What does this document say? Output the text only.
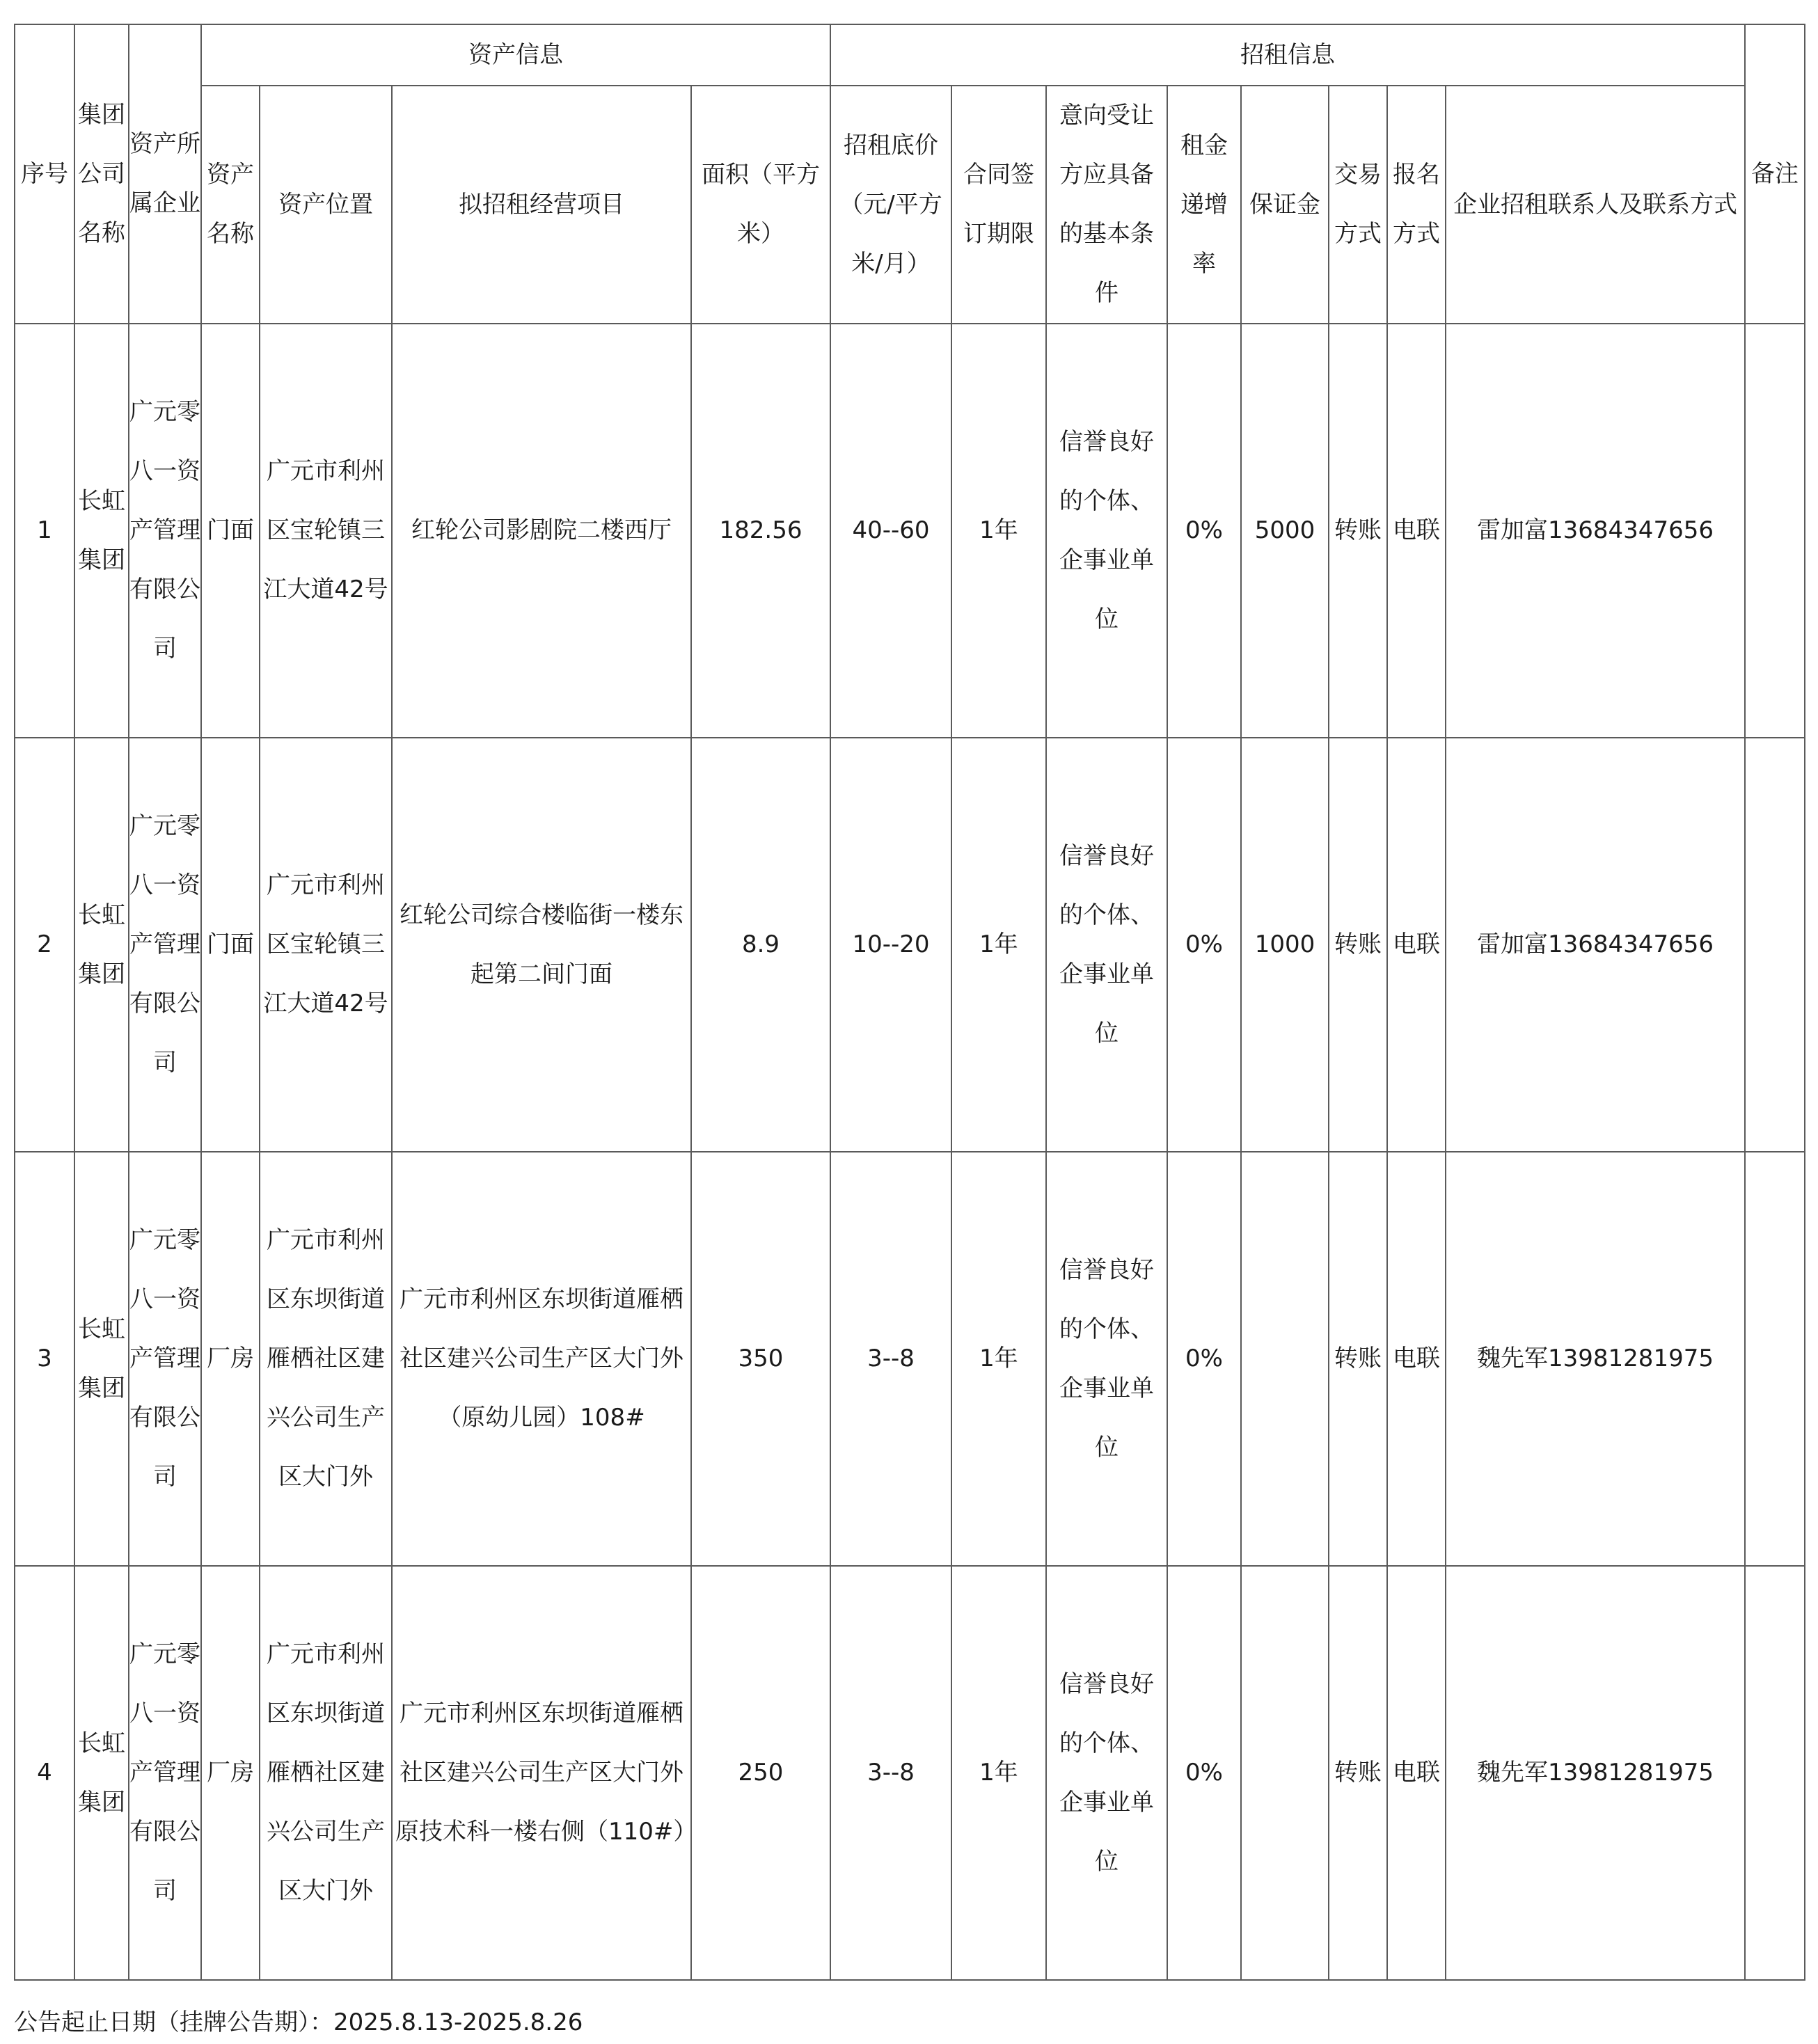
序号	集团公司名称	资产所属企业	资产信息				招租信息								备注
			资产名称	资产位置	拟招租经营项目	面积（平方米）	招租底价（元/平方米/月）	合同签订期限	意向受让方应具备的基本条件	租金递增率	保证金	交易方式	报名方式	企业招租联系人及联系方式	
1	长虹集团	广元零八一资产管理有限公司	门面	广元市利州区宝轮镇三江大道42号	红轮公司影剧院二楼西厅	182.56	40--60	1年	信誉良好的个体、企事业单位	0%	5000	转账	电联	雷加富13684347656	
2	长虹集团	广元零八一资产管理有限公司	门面	广元市利州区宝轮镇三江大道42号	红轮公司综合楼临街一楼东起第二间门面	8.9	10--20	1年	信誉良好的个体、企事业单位	0%	1000	转账	电联	雷加富13684347656	
3	长虹集团	广元零八一资产管理有限公司	厂房	广元市利州区东坝街道雁栖社区建兴公司生产区大门外	广元市利州区东坝街道雁栖社区建兴公司生产区大门外（原幼儿园）108#	350	3--8	1年	信誉良好的个体、企事业单位	0%		转账	电联	魏先军13981281975	
4	长虹集团	广元零八一资产管理有限公司	厂房	广元市利州区东坝街道雁栖社区建兴公司生产区大门外	广元市利州区东坝街道雁栖社区建兴公司生产区大门外原技术科一楼右侧（110#）	250	3--8	1年	信誉良好的个体、企事业单位	0%		转账	电联	魏先军13981281975	
公告起止日期（挂牌公告期）：2025.8.13-2025.8.26
